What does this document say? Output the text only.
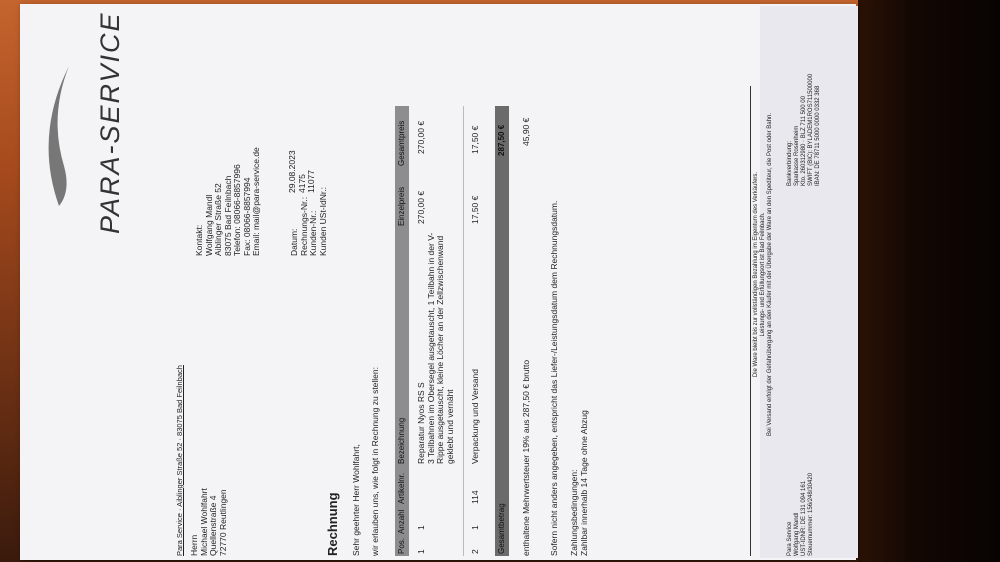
PARA-SERVICE
Para Service · Aiblinger Straße 52 · 83075 Bad Feilnbach Herrn Michael Wohlfahrt Quellenstraße 4 72770 Reutlingen
Kontakt: Wolfgang Mandl Aiblinger Straße 52 83075 Bad Feilnbach Telefon: 08066-8857996 Fax: 08066-8857994 Email: mail@para-service.de	Datum: Rechnungs-Nr.: Kunden-Nr.: Kunden USt-IdNr.:
29.08.2023 4175 11077

Rechnung Sehr geehrter Herr Wohlfahrt, wir erlauben uns, wie folgt in Rechnung zu stellen: Pos.
Anzahl
Artikelnr.
Bezeichnung
Einzelpreis
Gesamtpreis
1
1
Reparatur Nyos RS S 3 Teilbahnen im Obersegel ausgetauscht, 1 Teilbahn in der V- Rippe ausgetauscht, kleine Löcher an der Zellzwischenwand geklebt und vernäht
270,00 €
270,00 €
2
1
114
Verpackung und Versand
17,50 €
17,50 €
Gesamtbetrag
287,50 €
enthaltene Mehrwertsteuer 19% aus 287,50 € brutto
45,90 €
Sofern nicht anders angegeben, entspricht das Liefer-/Leistungsdatum dem Rechnungsdatum. Zahlungsbedingungen: Zahlbar innerhalb 14 Tage ohne Abzug
Die Ware bleibt bis zur vollständigen Bezahlung im Eigentum des Verkäufers. Leistungs- und Erfüllungsort ist Bad Feilnbach. Bei Versand erfolgt der Gefahrübergang an den Käufer mit der Übergabe der Ware an den Spediteur, die Post oder Bahn.
Para Service Wolfgang Mandl UST-IDNR: DE 131 094 161 Steuernummer: 156/248/30420
Bankverbindung: Sparkasse Rosenheim Kto. 260312980 · BLZ 711 500 00 SWIFT (BIC): BYLADEM1ROS711500000 IBAN: DE 78711 5000 0000 0332 368
